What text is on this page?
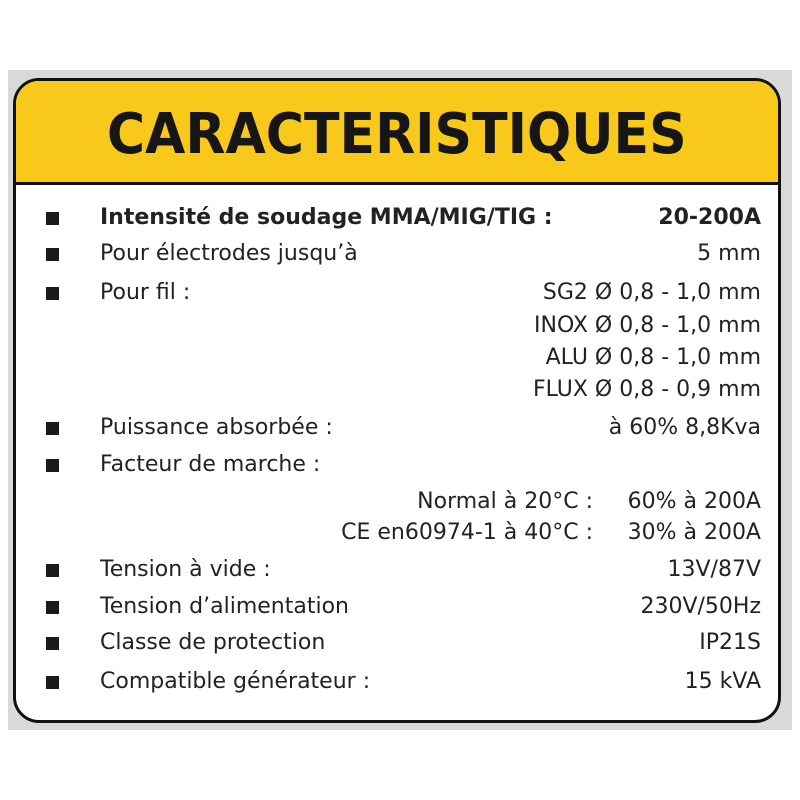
CARACTERISTIQUES
Intensité de soudage MMA/MIG/TIG :	20-200A
Pour électrodes jusqu’à	5 mm
Pour fil :	SG2 Ø 0,8 - 1,0 mm
INOX Ø 0,8 - 1,0 mm
ALU Ø 0,8 - 1,0 mm
FLUX Ø 0,8 - 0,9 mm
Puissance absorbée :	à 60% 8,8Kva
Facteur de marche :
Normal à 20°C : 60% à 200A
CE en60974-1 à 40°C : 30% à 200A
Tension à vide :	13V/87V
Tension d’alimentation	230V/50Hz
Classe de protection	IP21S
Compatible générateur :	15 kVA
